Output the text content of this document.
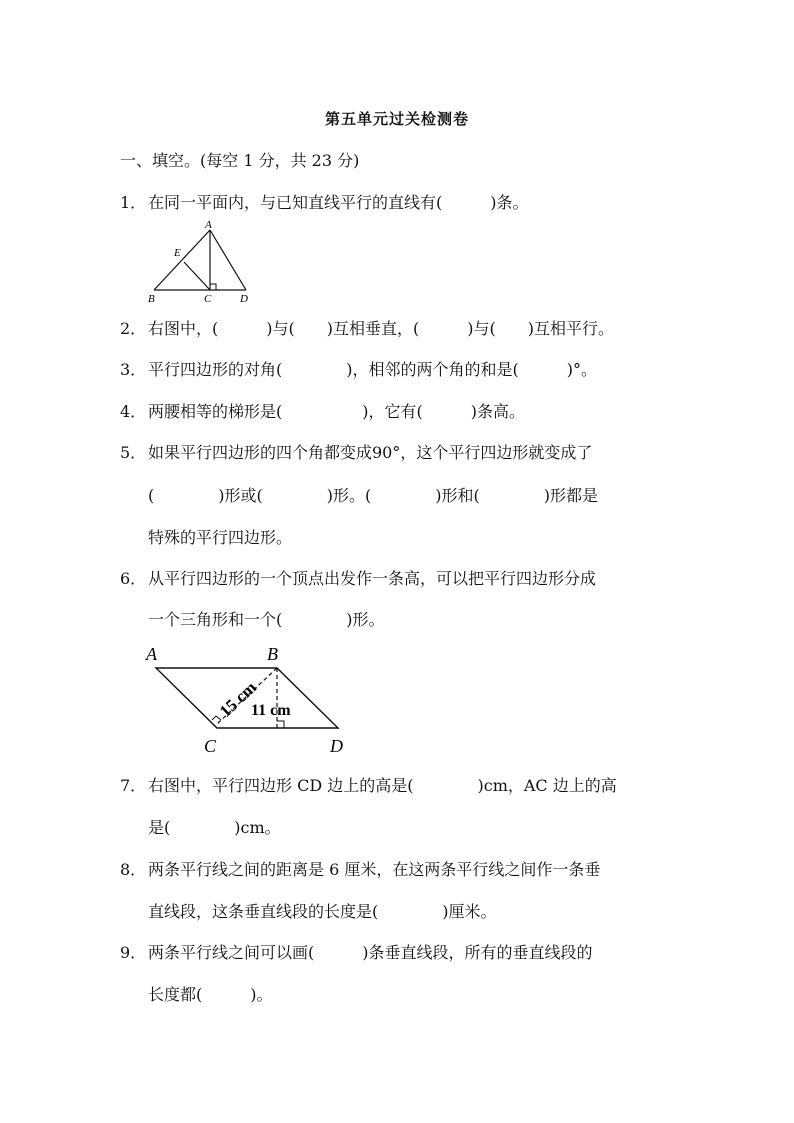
第五单元过关检测卷
一、填空。(每空 1 分，共 23 分)
1． 在同一平面内，与已知直线平行的直线有(　　　)条。
A
E
B	C	D
2． 右图中，(　　　)与(　　)互相垂直，(　　　)与(　　)互相平行。
3． 平行四边形的对角(　　　　)，相邻的两个角的和是(　　　)°。
4． 两腰相等的梯形是(　　　　　)，它有(　　　)条高。
5． 如果平行四边形的四个角都变成90°，这个平行四边形就变成了
(　　　　)形或(　　　　)形。(　　　　)形和(　　　　)形都是
特殊的平行四边形。
6． 从平行四边形的一个顶点出发作一条高，可以把平行四边形分成
一个三角形和一个(　　　　)形。
A	B
C	D
15 cm
11 cm
7． 右图中，平行四边形 CD 边上的高是(　　　　)cm，AC 边上的高
是(　　　　)cm。
8． 两条平行线之间的距离是 6 厘米，在这两条平行线之间作一条垂
直线段，这条垂直线段的长度是(　　　　)厘米。
9． 两条平行线之间可以画(　　　)条垂直线段，所有的垂直线段的
长度都(　　　)。
